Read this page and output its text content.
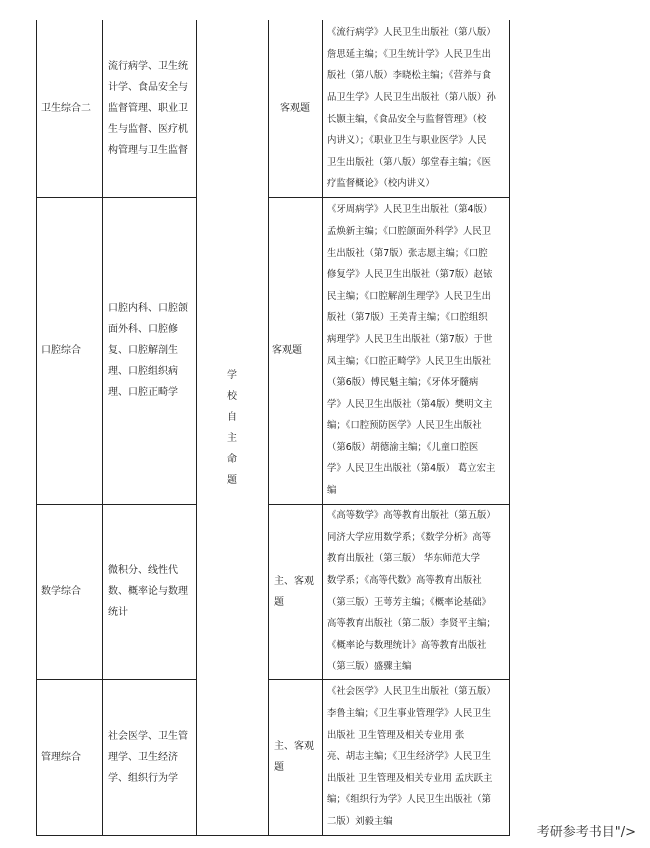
学
校
自
主
命
题
卫生综合二
流行病学、卫生统
计学、食品安全与
监督管理、职业卫
生与监督、医疗机
构管理与卫生监督
客观题
《流行病学》人民卫生出版社（第八版）
詹思延主编；《卫生统计学》人民卫生出
版社（第八版）李晓松主编；《营养与食
品卫生学》人民卫生出版社（第八版）孙
长颢主编，《食品安全与监督管理》（校
内讲义）；《职业卫生与职业医学》人民
卫生出版社（第八版）邬堂春主编；《医
疗监督概论》（校内讲义）
口腔综合
口腔内科、口腔颌
面外科、口腔修
复、口腔解剖生
理、口腔组织病
理、口腔正畸学
客观题
《牙周病学》人民卫生出版社（第4版）
孟焕新主编；《口腔颌面外科学》人民卫
生出版社（第7版）张志愿主编；《口腔
修复学》人民卫生出版社（第7版）赵铱
民主编；《口腔解剖生理学》人民卫生出
版社（第7版）王美青主编；《口腔组织
病理学》人民卫生出版社（第7版）于世
凤主编；《口腔正畸学》人民卫生出版社
（第6版）傅民魁主编；《牙体牙髓病
学》人民卫生出版社（第4版）樊明文主
编；《口腔预防医学》人民卫生出版社
（第6版）胡德渝主编；《儿童口腔医
学》人民卫生出版社（第4版） 葛立宏主
编
数学综合
微积分、线性代
数、概率论与数理
统计
主、客观
题
《高等数学》高等教育出版社（第五版）
同济大学应用数学系；《数学分析》高等
教育出版社（第三版） 华东师范大学
数学系；《高等代数》高等教育出版社
（第三版）王萼芳主编；《概率论基础》
高等教育出版社（第二版）李贤平主编；
《概率论与数理统计》高等教育出版社
（第三版）盛骤主编
管理综合
社会医学、卫生管
理学、卫生经济
学、组织行为学
主、客观
题
《社会医学》人民卫生出版社（第五版）
李鲁主编；《卫生事业管理学》人民卫生
出版社 卫生管理及相关专业用 张
亮、胡志主编；《卫生经济学》人民卫生
出版社 卫生管理及相关专业用 孟庆跃主
编；《组织行为学》人民卫生出版社（第
二版）刘毅主编
考研参考书目"/>
